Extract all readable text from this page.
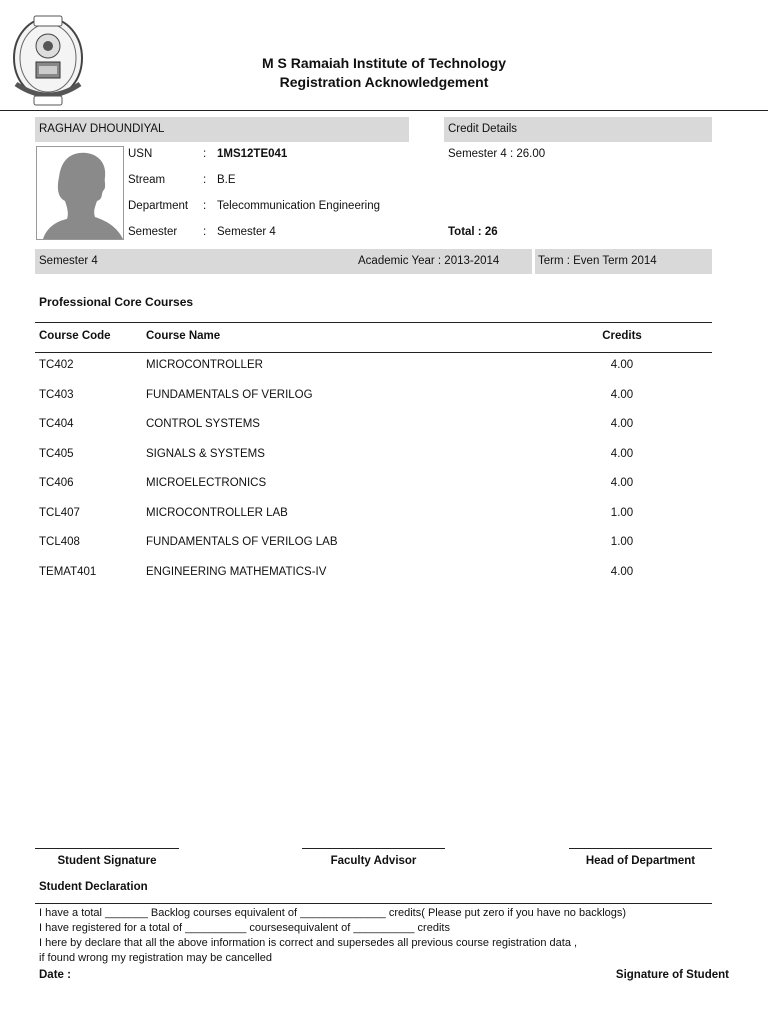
M S Ramaiah Institute of Technology
Registration Acknowledgement
RAGHAV DHOUNDIYAL	Credit Details
USN	: 1MS12TE041
Stream	: B.E
Department : Telecommunication Engineering
Semester : Semester 4
Semester 4 : 26.00
Total : 26
Semester 4	Academic Year : 2013-2014	Term : Even Term 2014
Professional Core Courses
Course Code	Course Name	Credits
TC402	MICROCONTROLLER	4.00
TC403	FUNDAMENTALS OF VERILOG	4.00
TC404	CONTROL SYSTEMS	4.00
TC405	SIGNALS & SYSTEMS	4.00
TC406	MICROELECTRONICS	4.00
TCL407	MICROCONTROLLER LAB	1.00
TCL408	FUNDAMENTALS OF VERILOG LAB	1.00
TEMAT401	ENGINEERING MATHEMATICS-IV	4.00
Student Signature	Faculty Advisor	Head of Department
Student Declaration
I have a total _______ Backlog courses equivalent of ______________ credits( Please put zero if you have no backlogs)
I have registered for a total of __________ coursesequivalent of __________ credits
I here by declare that all the above information is correct and supersedes all previous course registration data ,
if found wrong my registration may be cancelled
Date :	Signature of Student
